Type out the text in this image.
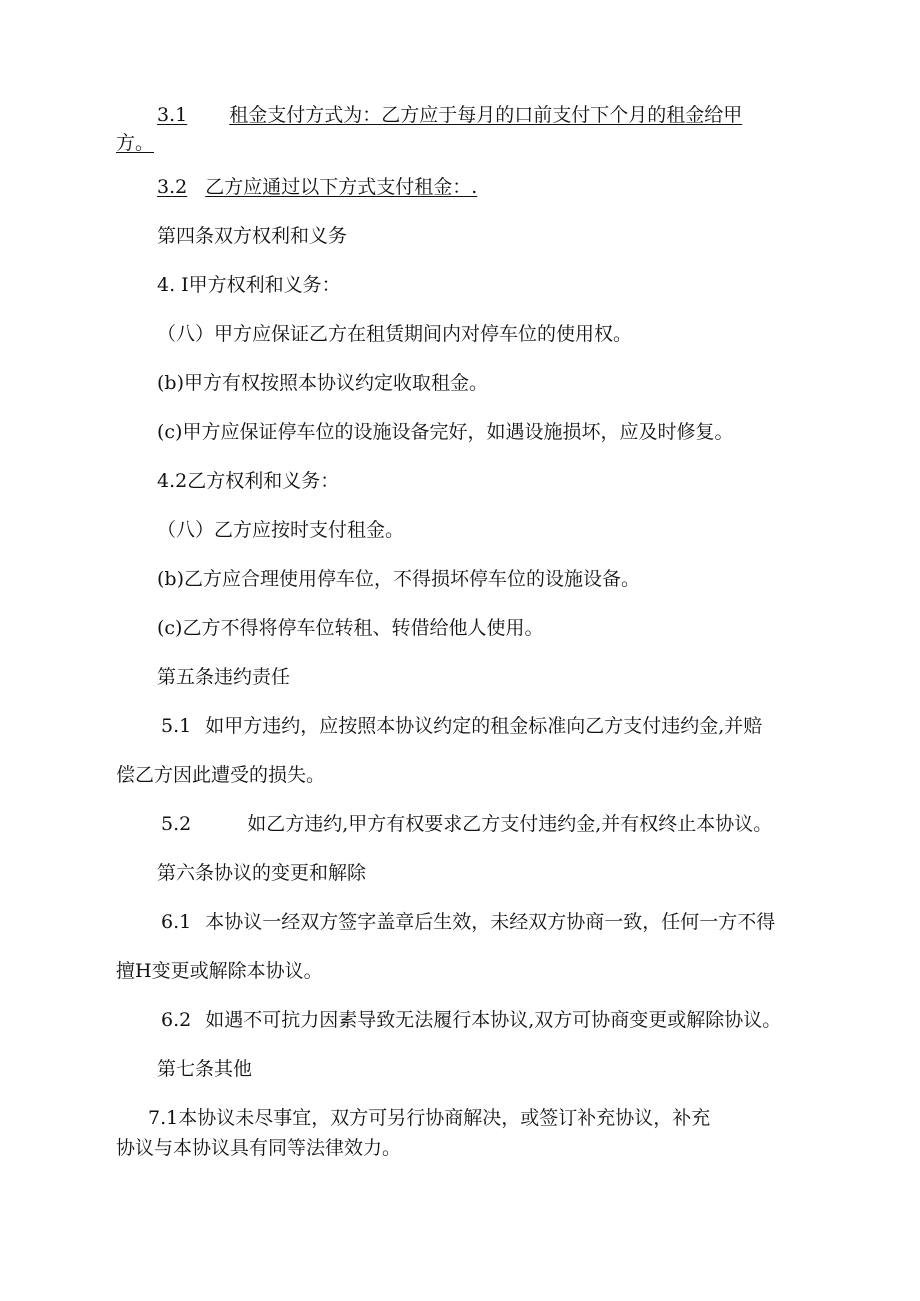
3.1 租金支付方式为：乙方应于每月的口前支付下个月的租金给甲
方。
3.2 乙方应通过以下方式支付租金：.
第四条双方权利和义务
4. I甲方权利和义务：
（八）甲方应保证乙方在租赁期间内对停车位的使用权。
(b)甲方有权按照本协议约定收取租金。
(c)甲方应保证停车位的设施设备完好，如遇设施损坏，应及时修复。
4.2乙方权利和义务：
（八）乙方应按时支付租金。
(b)乙方应合理使用停车位，不得损坏停车位的设施设备。
(c)乙方不得将停车位转租、转借给他人使用。
第五条违约责任
5.1 如甲方违约，应按照本协议约定的租金标准向乙方支付违约金,并赔
偿乙方因此遭受的损失。
5.2	如乙方违约,甲方有权要求乙方支付违约金,并有权终止本协议。
第六条协议的变更和解除
6.1 本协议一经双方签字盖章后生效，未经双方协商一致，任何一方不得
擅H变更或解除本协议。
6.2 如遇不可抗力因素导致无法履行本协议,双方可协商变更或解除协议。
第七条其他
7.1本协议未尽事宜，双方可另行协商解决，或签订补充协议，补充
协议与本协议具有同等法律效力。
